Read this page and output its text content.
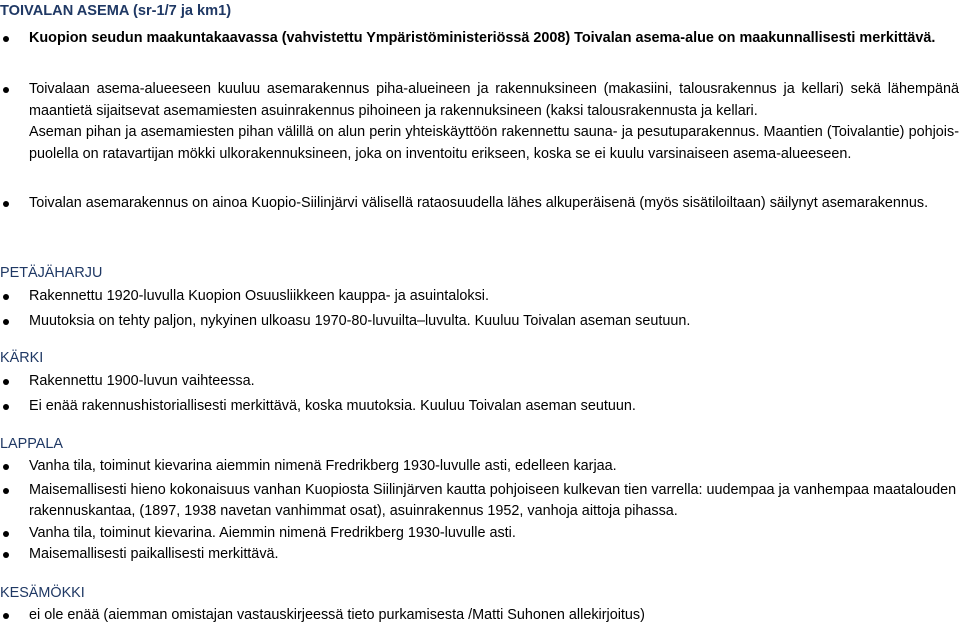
TOIVALAN ASEMA (sr-1/7 ja km1)
Kuopion seudun maakuntakaavassa (vahvistettu Ympäristöministeriössä 2008) Toivalan asema-alue on maakunnallisesti merkittävä.
Toivalaan asema-alueeseen kuuluu asemarakennus piha-alueineen ja rakennuksineen (makasiini, talousrakennus ja kellari) sekä lähempänä maantietä sijaitsevat asemamiesten asuinrakennus pihoineen ja rakennuksineen (kaksi talousrakennusta ja kellari.
Aseman pihan ja asemamiesten pihan välillä on alun perin yhteiskäyttöön rakennettu sauna- ja pesutuparakennus. Maantien (Toivalantie) pohjois-puolella on ratavartijan mökki ulkorakennuksineen, joka on inventoitu erikseen, koska se ei kuulu varsinaiseen asema-alueeseen.
Toivalan asemarakennus on ainoa Kuopio-Siilinjärvi välisellä rataosuudella lähes alkuperäisenä (myös sisätiloiltaan) säilynyt asemarakennus.
PETÄJÄHARJU
Rakennettu 1920-luvulla Kuopion Osuusliikkeen kauppa- ja asuintaloksi.
Muutoksia on tehty paljon, nykyinen ulkoasu 1970-80-luvuilta–luvulta. Kuuluu Toivalan aseman seutuun.
KÄRKI
Rakennettu 1900-luvun vaihteessa.
Ei enää rakennushistoriallisesti merkittävä, koska muutoksia. Kuuluu Toivalan aseman seutuun.
LAPPALA
Vanha tila, toiminut kievarina aiemmin nimenä Fredrikberg 1930-luvulle asti, edelleen karjaa.
Maisemallisesti hieno kokonaisuus vanhan Kuopiosta Siilinjärven kautta pohjoiseen kulkevan tien varrella: uudempaa ja vanhempaa maatalouden rakennuskantaa, (1897, 1938 navetan vanhimmat osat), asuinrakennus 1952, vanhoja aittoja pihassa.
Vanha tila, toiminut kievarina. Aiemmin nimenä Fredrikberg 1930-luvulle asti.
Maisemallisesti paikallisesti merkittävä.
KESÄMÖKKI
ei ole enää (aiemman omistajan vastauskirjeessä tieto purkamisesta /Matti Suhonen allekirjoitus)
